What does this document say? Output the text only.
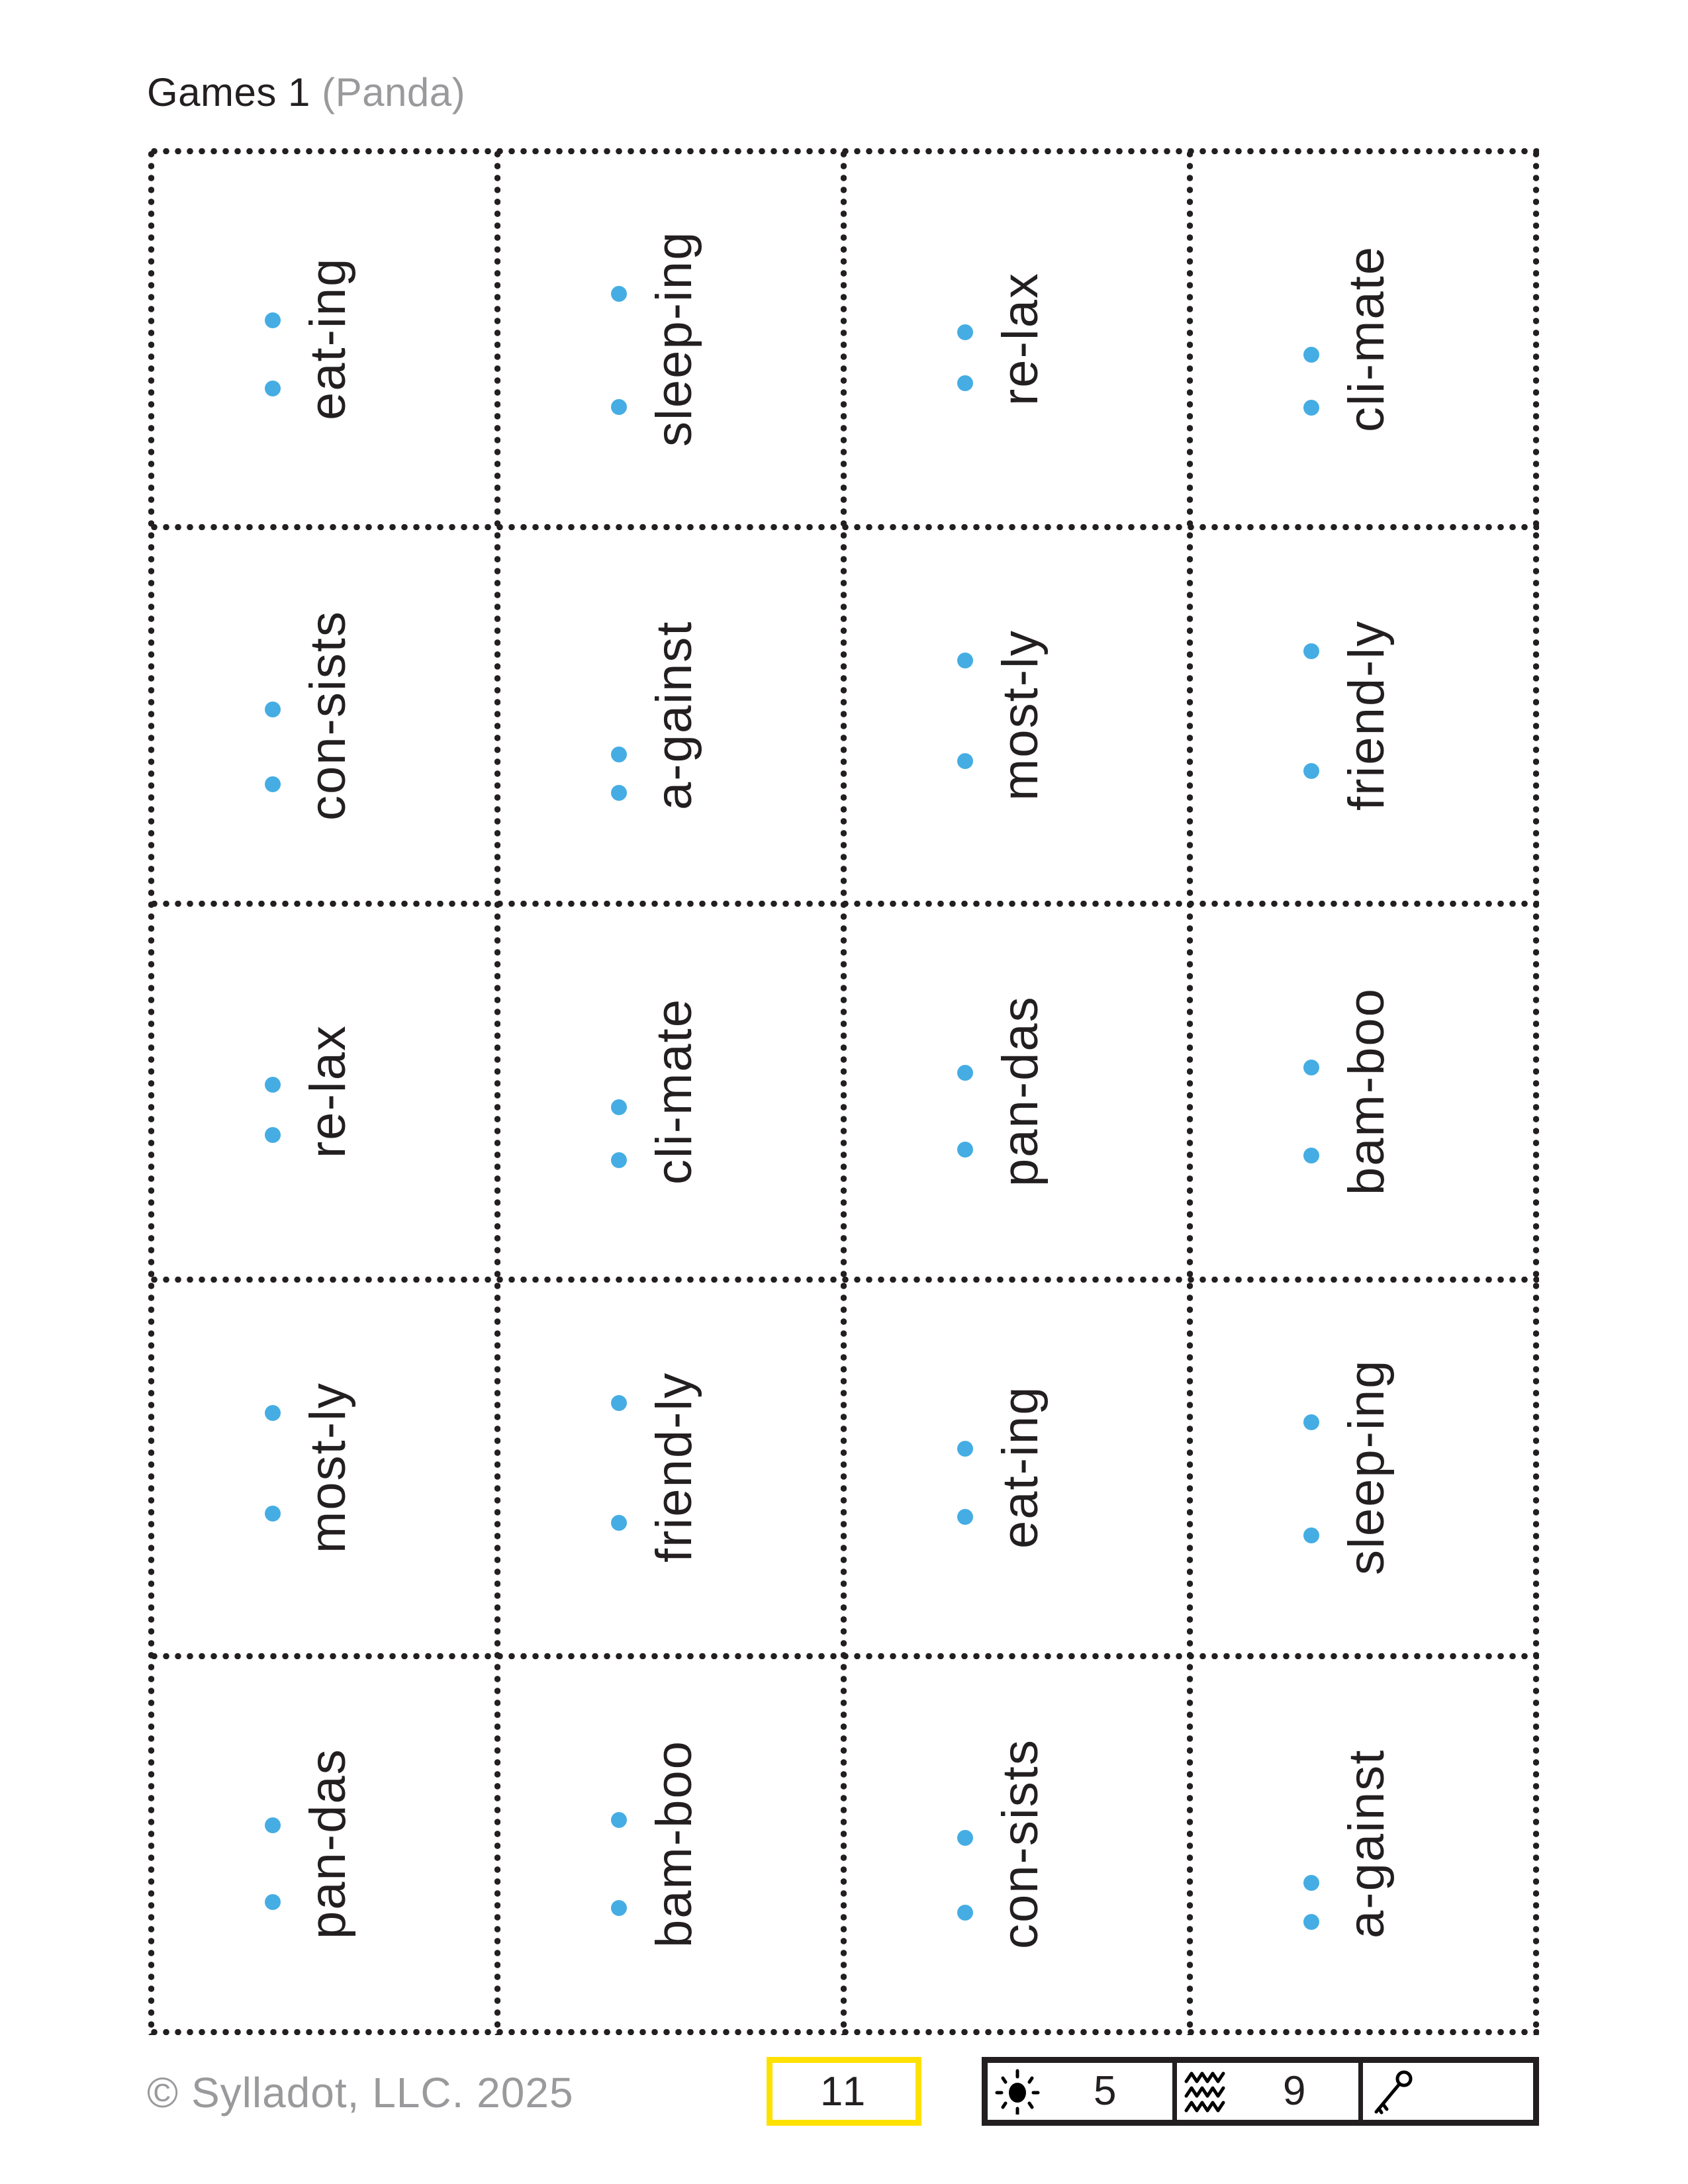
Games 1 (Panda)
eat-ing	sleep-ing	re-lax	cli-mate
con-sists	a-gainst	most-ly	friend-ly
re-lax	cli-mate	pan-das	bam-boo
most-ly	friend-ly	eat-ing	sleep-ing
pan-das	bam-boo	con-sists	a-gainst
© Sylladot, LLC. 2025	11	5	9
